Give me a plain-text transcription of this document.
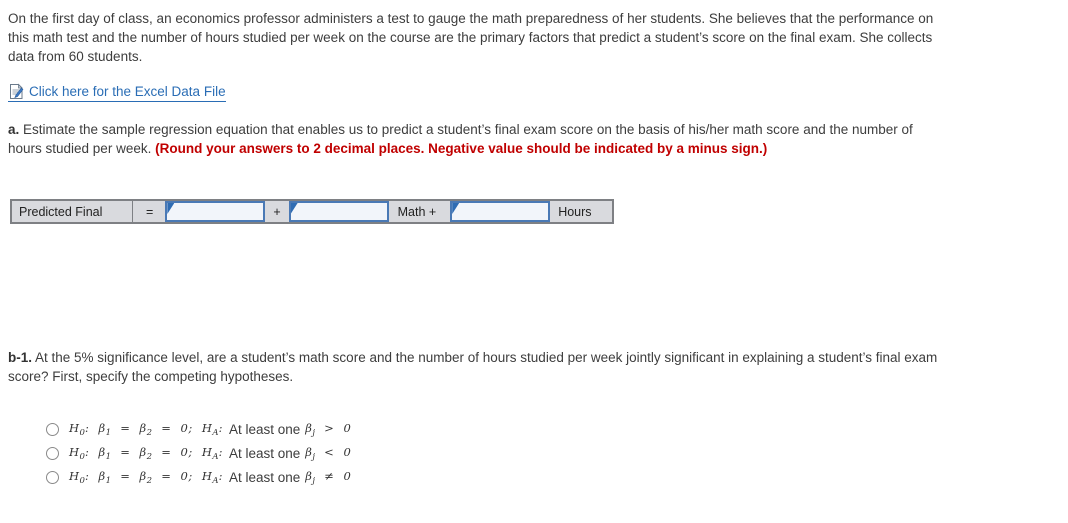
On the first day of class, an economics professor administers a test to gauge the math preparedness of her students. She believes that the performance on this math test and the number of hours studied per week on the course are the primary factors that predict a student’s score on the final exam. She collects data from 60 students.

Click here for the Excel Data File

a. Estimate the sample regression equation that enables us to predict a student’s final exam score on the basis of his/her math score and the number of hours studied per week. (Round your answers to 2 decimal places. Negative value should be indicated by a minus sign.)

Predicted Final	=	+	Math +	Hours

b-1. At the 5% significance level, are a student’s math score and the number of hours studied per week jointly significant in explaining a student’s final exam score? First, specify the competing hypotheses.

$H_0$: $\beta_1 = \beta_2 = 0$; $H_A$: At least one $\beta_j > 0$
$H_0$: $\beta_1 = \beta_2 = 0$; $H_A$: At least one $\beta_j < 0$
$H_0$: $\beta_1 = \beta_2 = 0$; $H_A$: At least one $\beta_j \ne 0$
